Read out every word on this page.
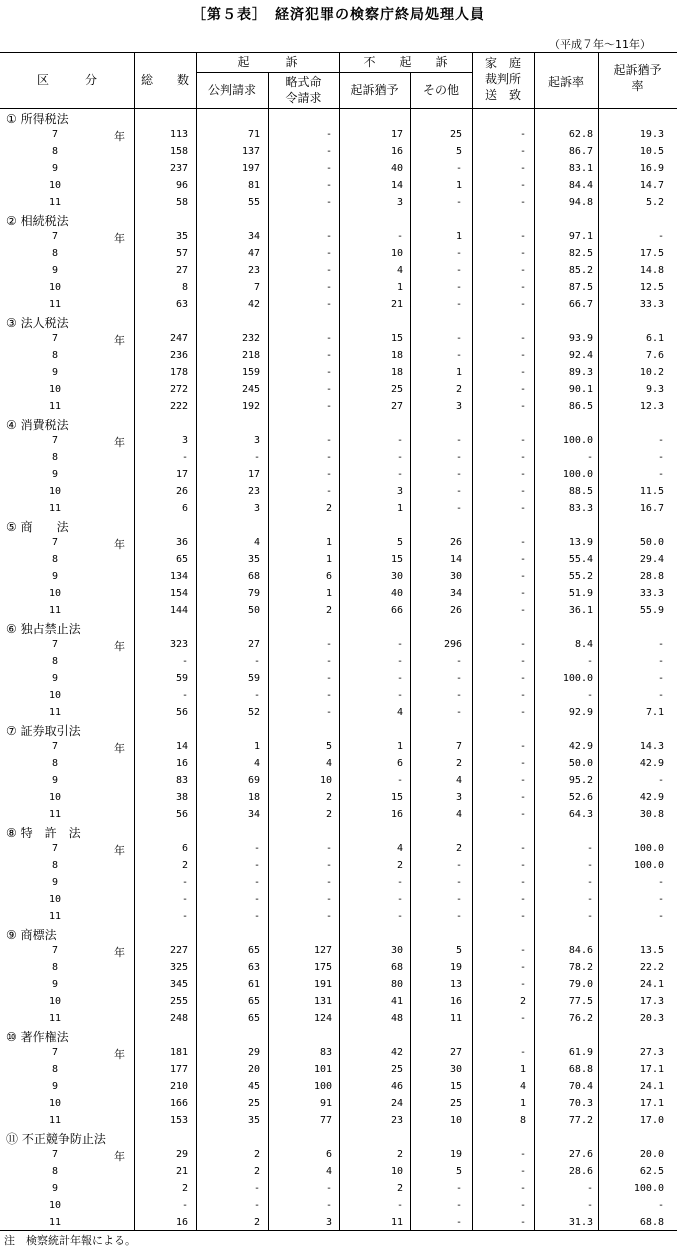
［第５表］　経済犯罪の検察庁終局処理人員
（平成７年～11年）
区　　　分	総　　数
起　　　訴
公判請求
略式命
令請求
不　　起　　訴
起訴猶予	その他
家　庭
裁判所
送　致
起訴率
起訴猶予
率
① 所得税法
7	年	113	71	-	17	25	-	62.8	19.3
8	158	137	-	16	5	-	86.7	10.5
9	237	197	-	40	-	-	83.1	16.9
10	96	81	-	14	1	-	84.4	14.7
11	58	55	-	3	-	-	94.8	5.2
② 相続税法
7	年	35	34	-	-	1	-	97.1	-
8	57	47	-	10	-	-	82.5	17.5
9	27	23	-	4	-	-	85.2	14.8
10	8	7	-	1	-	-	87.5	12.5
11	63	42	-	21	-	-	66.7	33.3
③ 法人税法
7	年	247	232	-	15	-	-	93.9	6.1
8	236	218	-	18	-	-	92.4	7.6
9	178	159	-	18	1	-	89.3	10.2
10	272	245	-	25	2	-	90.1	9.3
11	222	192	-	27	3	-	86.5	12.3
④ 消費税法
7	年	3	3	-	-	-	-	100.0	-
8	-	-	-	-	-	-	-	-
9	17	17	-	-	-	-	100.0	-
10	26	23	-	3	-	-	88.5	11.5
11	6	3	2	1	-	-	83.3	16.7
⑤ 商　　法
7	年	36	4	1	5	26	-	13.9	50.0
8	65	35	1	15	14	-	55.4	29.4
9	134	68	6	30	30	-	55.2	28.8
10	154	79	1	40	34	-	51.9	33.3
11	144	50	2	66	26	-	36.1	55.9
⑥ 独占禁止法
7	年	323	27	-	-	296	-	8.4	-
8	-	-	-	-	-	-	-	-
9	59	59	-	-	-	-	100.0	-
10	-	-	-	-	-	-	-	-
11	56	52	-	4	-	-	92.9	7.1
⑦ 証券取引法
7	年	14	1	5	1	7	-	42.9	14.3
8	16	4	4	6	2	-	50.0	42.9
9	83	69	10	-	4	-	95.2	-
10	38	18	2	15	3	-	52.6	42.9
11	56	34	2	16	4	-	64.3	30.8
⑧ 特　許　法
7	年	6	-	-	4	2	-	-	100.0
8	2	-	-	2	-	-	-	100.0
9	-	-	-	-	-	-	-	-
10	-	-	-	-	-	-	-	-
11	-	-	-	-	-	-	-	-
⑨ 商標法
7	年	227	65	127	30	5	-	84.6	13.5
8	325	63	175	68	19	-	78.2	22.2
9	345	61	191	80	13	-	79.0	24.1
10	255	65	131	41	16	2	77.5	17.3
11	248	65	124	48	11	-	76.2	20.3
⑩ 著作権法
7	年	181	29	83	42	27	-	61.9	27.3
8	177	20	101	25	30	1	68.8	17.1
9	210	45	100	46	15	4	70.4	24.1
10	166	25	91	24	25	1	70.3	17.1
11	153	35	77	23	10	8	77.2	17.0
⑪ 不正競争防止法
7	年	29	2	6	2	19	-	27.6	20.0
8	21	2	4	10	5	-	28.6	62.5
9	2	-	-	2	-	-	-	100.0
10	-	-	-	-	-	-	-	-
11	16	2	3	11	-	-	31.3	68.8
注　検察統計年報による。
